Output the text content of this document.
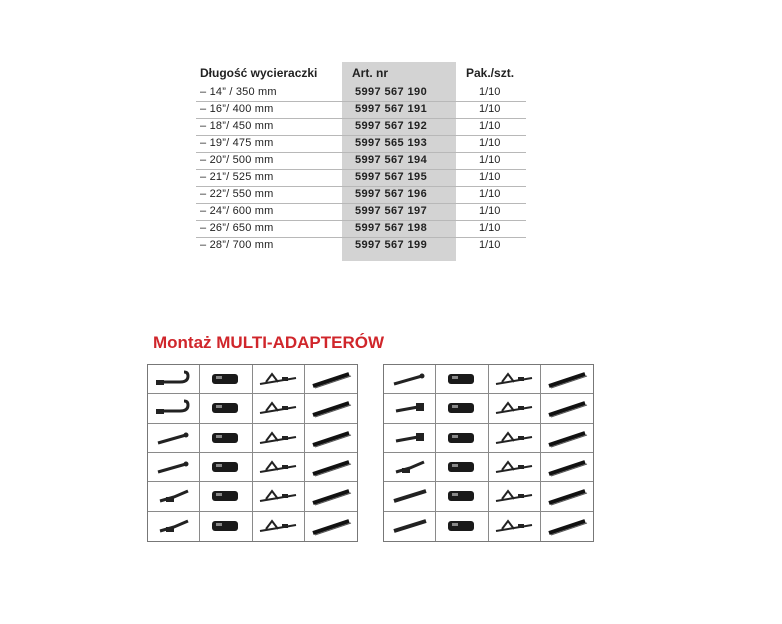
Długość wycieraczki	Art. nr	Pak./szt.
– 14” / 350 mm	5997 567 190	1/10
– 16”/ 400 mm	5997 567 191	1/10
– 18”/ 450 mm	5997 567 192	1/10
– 19”/ 475 mm	5997 565 193	1/10
– 20”/ 500 mm	5997 567 194	1/10
– 21”/ 525 mm	5997 567 195	1/10
– 22”/ 550 mm	5997 567 196	1/10
– 24”/ 600 mm	5997 567 197	1/10
– 26”/ 650 mm	5997 567 198	1/10
– 28”/ 700 mm	5997 567 199	1/10
Montaż MULTI-ADAPTERÓW
